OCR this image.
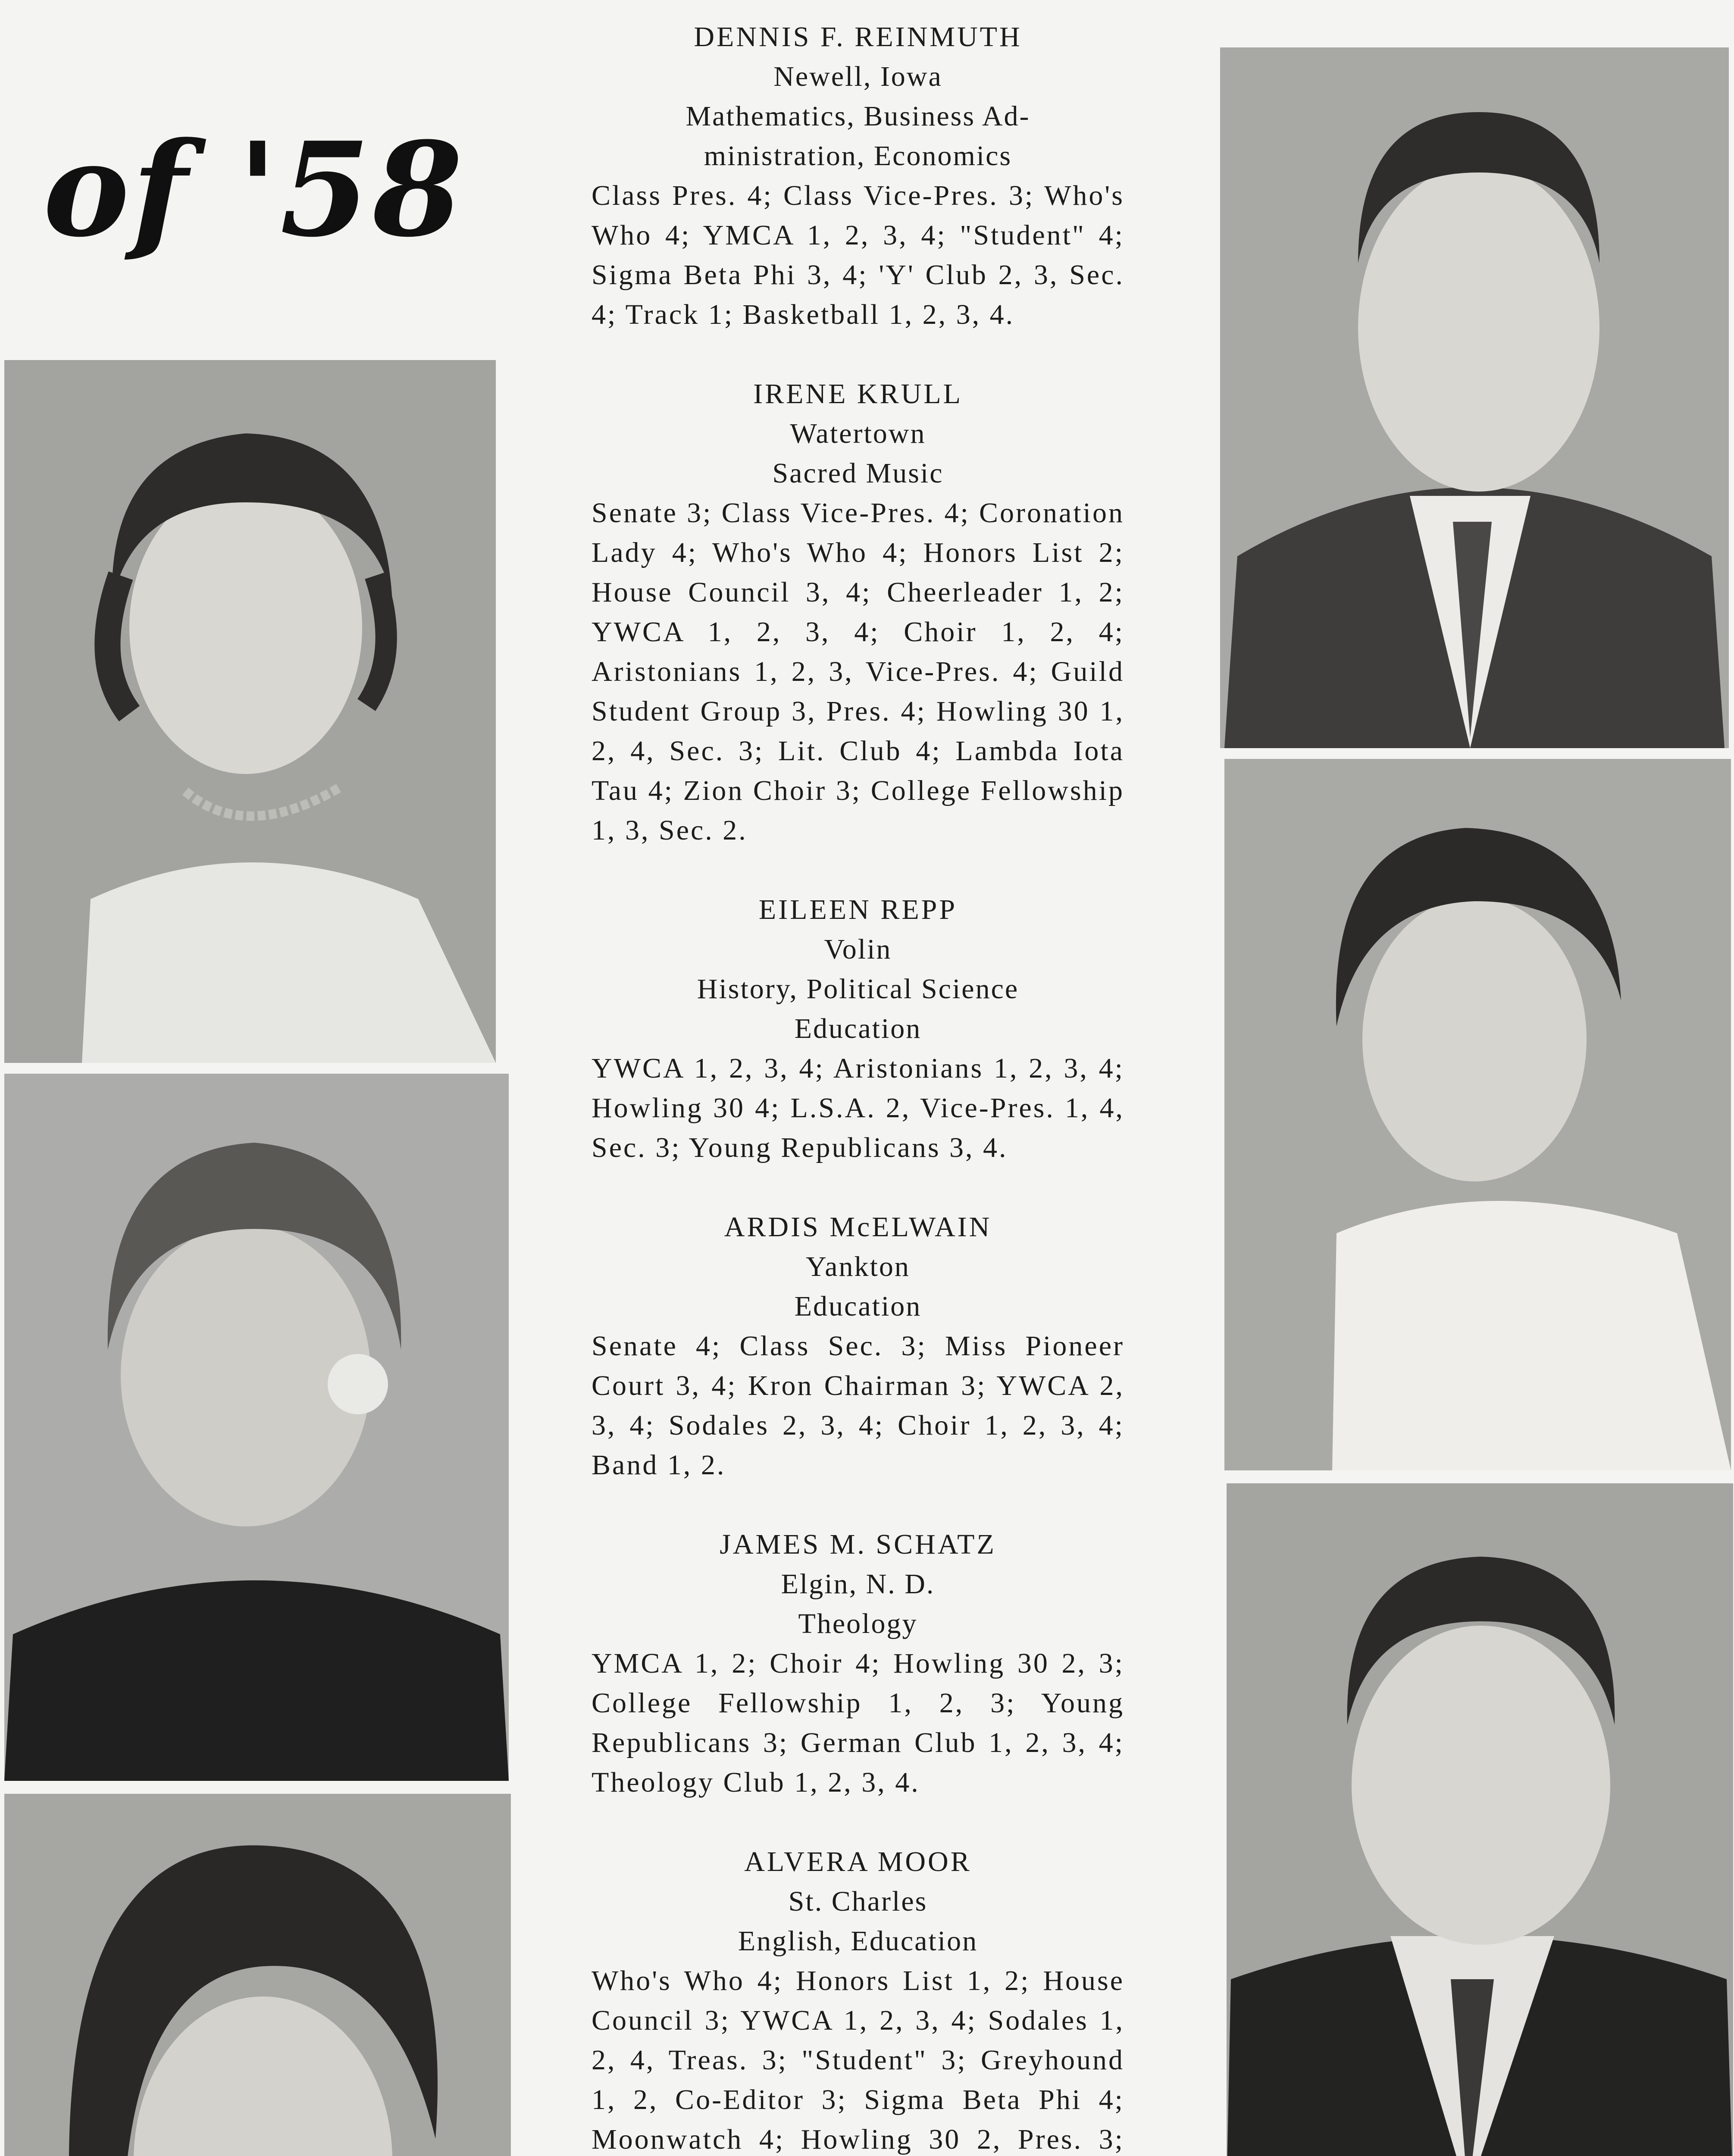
of '58
DENNIS F. REINMUTH
Newell, Iowa
Mathematics, Business Ad-
ministration, Economics
Class Pres. 4; Class Vice-Pres. 3; Who's Who 4; YMCA 1, 2, 3, 4; "Student" 4; Sigma Beta Phi 3, 4; 'Y' Club 2, 3, Sec. 4; Track 1; Basketball 1, 2, 3, 4.
IRENE KRULL
Watertown
Sacred Music
Senate 3; Class Vice-Pres. 4; Coronation Lady 4; Who's Who 4; Honors List 2; House Council 3, 4; Cheerleader 1, 2; YWCA 1, 2, 3, 4; Choir 1, 2, 4; Aristonians 1, 2, 3, Vice-Pres. 4; Guild Student Group 3, Pres. 4; Howling 30 1, 2, 4, Sec. 3; Lit. Club 4; Lambda Iota Tau 4; Zion Choir 3; College Fellowship 1, 3, Sec. 2.
EILEEN REPP
Volin
History, Political Science
Education
YWCA 1, 2, 3, 4; Aristonians 1, 2, 3, 4; Howling 30 4; L.S.A. 2, Vice-Pres. 1, 4, Sec. 3; Young Republicans 3, 4.
ARDIS McELWAIN
Yankton
Education
Senate 4; Class Sec. 3; Miss Pioneer Court 3, 4; Kron Chairman 3; YWCA 2, 3, 4; Sodales 2, 3, 4; Choir 1, 2, 3, 4; Band 1, 2.
JAMES M. SCHATZ
Elgin, N. D.
Theology
YMCA 1, 2; Choir 4; Howling 30 2, 3; College Fellowship 1, 2, 3; Young Republicans 3; German Club 1, 2, 3, 4; Theology Club 1, 2, 3, 4.
ALVERA MOOR
St. Charles
English, Education
Who's Who 4; Honors List 1, 2; House Council 3; YWCA 1, 2, 3, 4; Sodales 1, 2, 4, Treas. 3; "Student" 3; Greyhound 1, 2, Co-Editor 3; Sigma Beta Phi 4; Moonwatch 4; Howling 30 2, Pres. 3;
